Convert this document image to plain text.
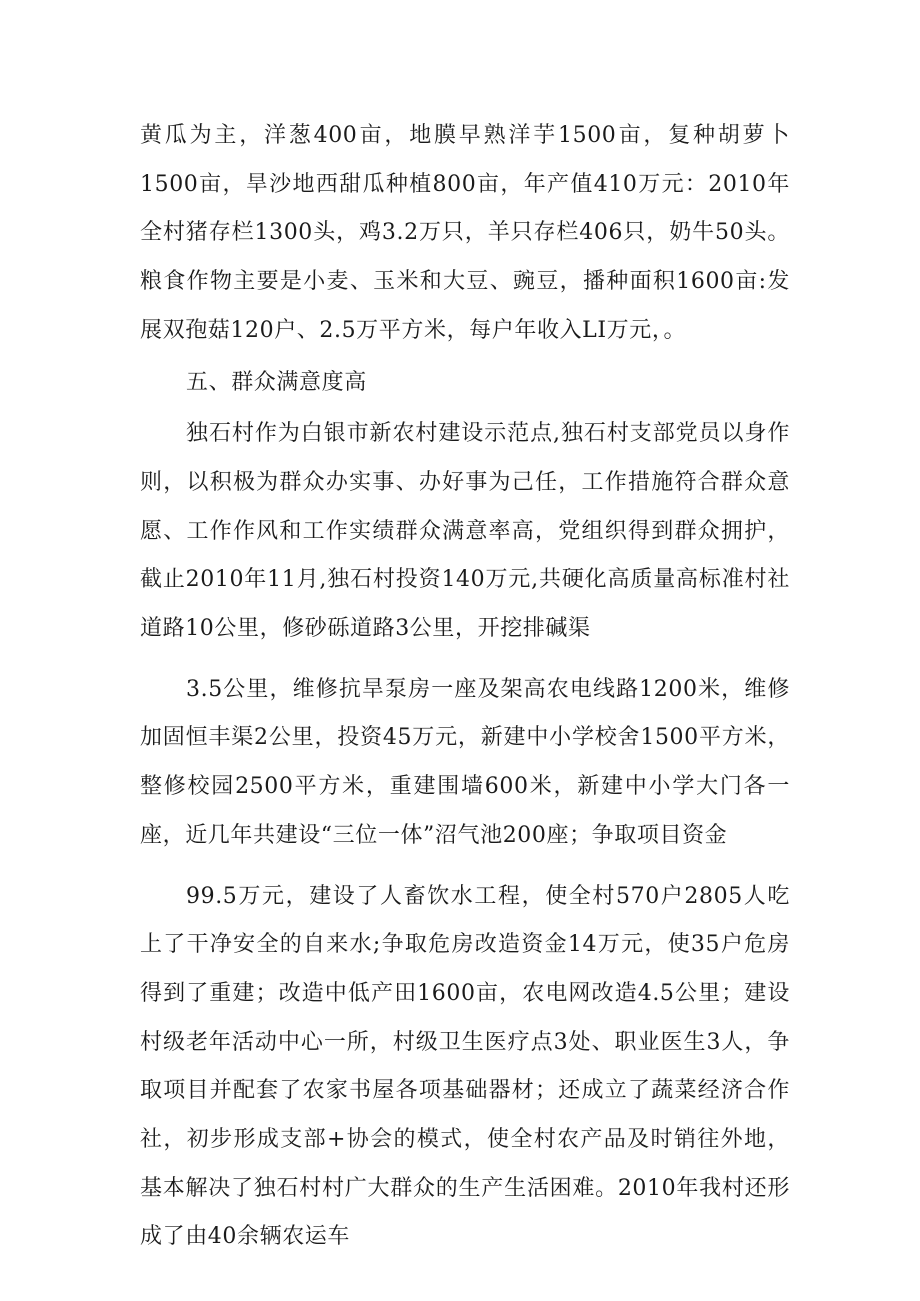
黄瓜为主，洋葱400亩，地膜早熟洋芋1500亩，复种胡萝卜1500亩，旱沙地西甜瓜种植800亩，年产值410万元：2010年全村猪存栏1300头，鸡3.2万只，羊只存栏406只，奶牛50头。粮食作物主要是小麦、玉米和大豆、豌豆，播种面积1600亩:发展双孢菇120户、2.5万平方米，每户年收入LI万元，。

五、群众满意度高

独石村作为白银市新农村建设示范点,独石村支部党员以身作则，以积极为群众办实事、办好事为己任，工作措施符合群众意愿、工作作风和工作实绩群众满意率高，党组织得到群众拥护，截止2010年11月,独石村投资140万元,共硬化高质量高标准村社道路10公里，修砂砾道路3公里，开挖排碱渠

3.5公里，维修抗旱泵房一座及架高农电线路1200米，维修加固恒丰渠2公里，投资45万元，新建中小学校舍1500平方米，整修校园2500平方米，重建围墙600米，新建中小学大门各一座，近几年共建设“三位一体”沼气池200座；争取项目资金

99.5万元，建设了人畜饮水工程，使全村570户2805人吃上了干净安全的自来水;争取危房改造资金14万元，使35户危房得到了重建；改造中低产田1600亩，农电网改造4.5公里；建设村级老年活动中心一所，村级卫生医疗点3处、职业医生3人，争取项目并配套了农家书屋各项基础器材；还成立了蔬菜经济合作社，初步形成支部+协会的模式，使全村农产品及时销往外地，基本解决了独石村村广大群众的生产生活困难。2010年我村还形成了由40余辆农运车
